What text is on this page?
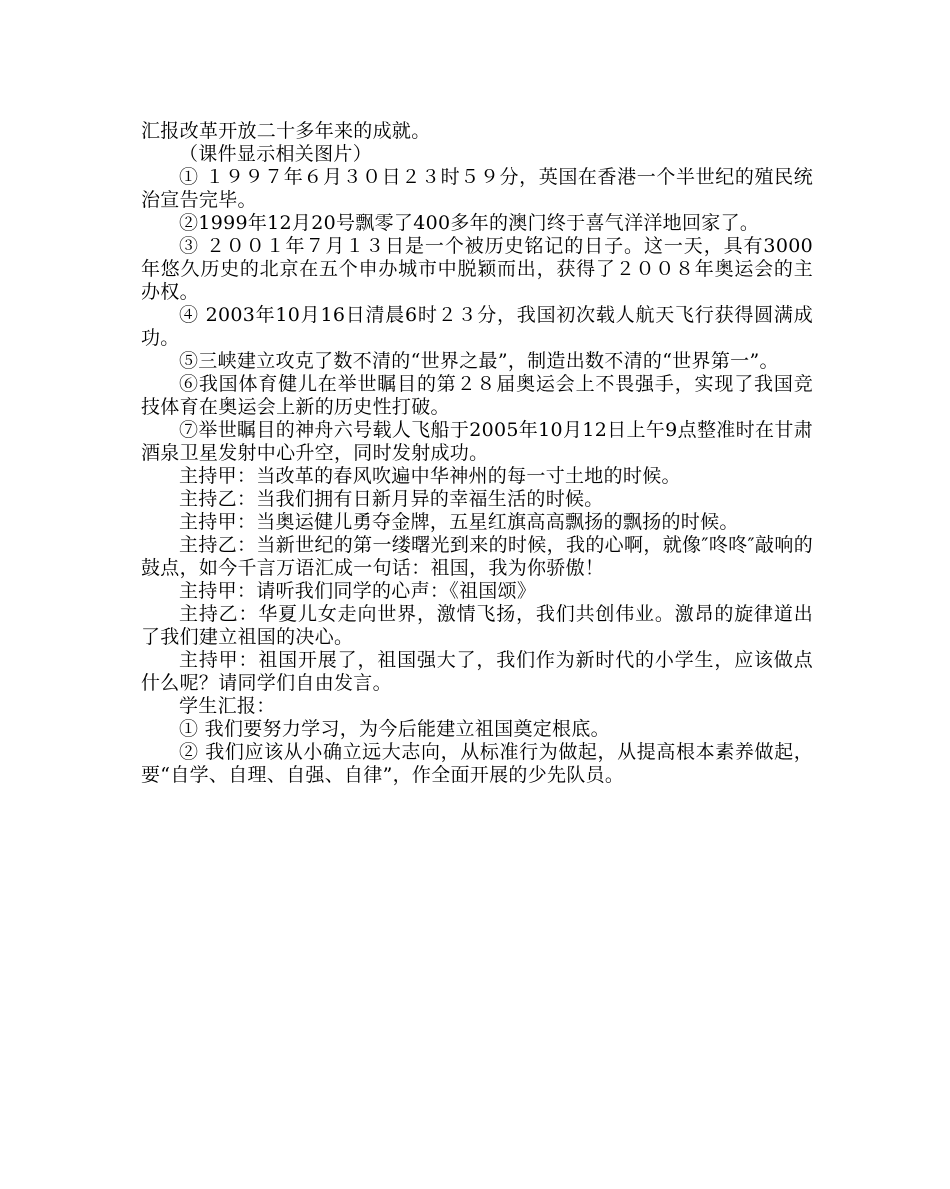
汇报改革开放二十多年来的成就。

（课件显示相关图片）

① １９９７年６月３０日２３时５９分，英国在香港一个半世纪的殖民统治宣告完毕。

②1999年12月20号飘零了400多年的澳门终于喜气洋洋地回家了。

③ ２００１年７月１３日是一个被历史铭记的日子。这一天，具有3000年悠久历史的北京在五个申办城市中脱颖而出，获得了２００８年奥运会的主办权。

④ 2003年10月16日清晨6时２３分，我国初次载人航天飞行获得圆满成功。

⑤三峡建立攻克了数不清的“世界之最”，制造出数不清的“世界第一”。

⑥我国体育健儿在举世瞩目的第２８届奥运会上不畏强手，实现了我国竞技体育在奥运会上新的历史性打破。

⑦举世瞩目的神舟六号载人飞船于2005年10月12日上午9点整准时在甘肃酒泉卫星发射中心升空，同时发射成功。

主持甲：当改革的春风吹遍中华神州的每一寸土地的时候。

主持乙：当我们拥有日新月异的幸福生活的时候。

主持甲：当奥运健儿勇夺金牌，五星红旗高高飘扬的飘扬的时候。

主持乙：当新世纪的第一缕曙光到来的时候，我的心啊，就像″咚咚″敲响的鼓点，如今千言万语汇成一句话：祖国，我为你骄傲！

主持甲：请听我们同学的心声：《祖国颂》

主持乙：华夏儿女走向世界，激情飞扬，我们共创伟业。激昂的旋律道出了我们建立祖国的决心。

主持甲：祖国开展了，祖国强大了，我们作为新时代的小学生，应该做点什么呢？请同学们自由发言。

学生汇报：

① 我们要努力学习，为今后能建立祖国奠定根底。

② 我们应该从小确立远大志向，从标准行为做起，从提高根本素养做起，要“自学、自理、自强、自律”，作全面开展的少先队员。
